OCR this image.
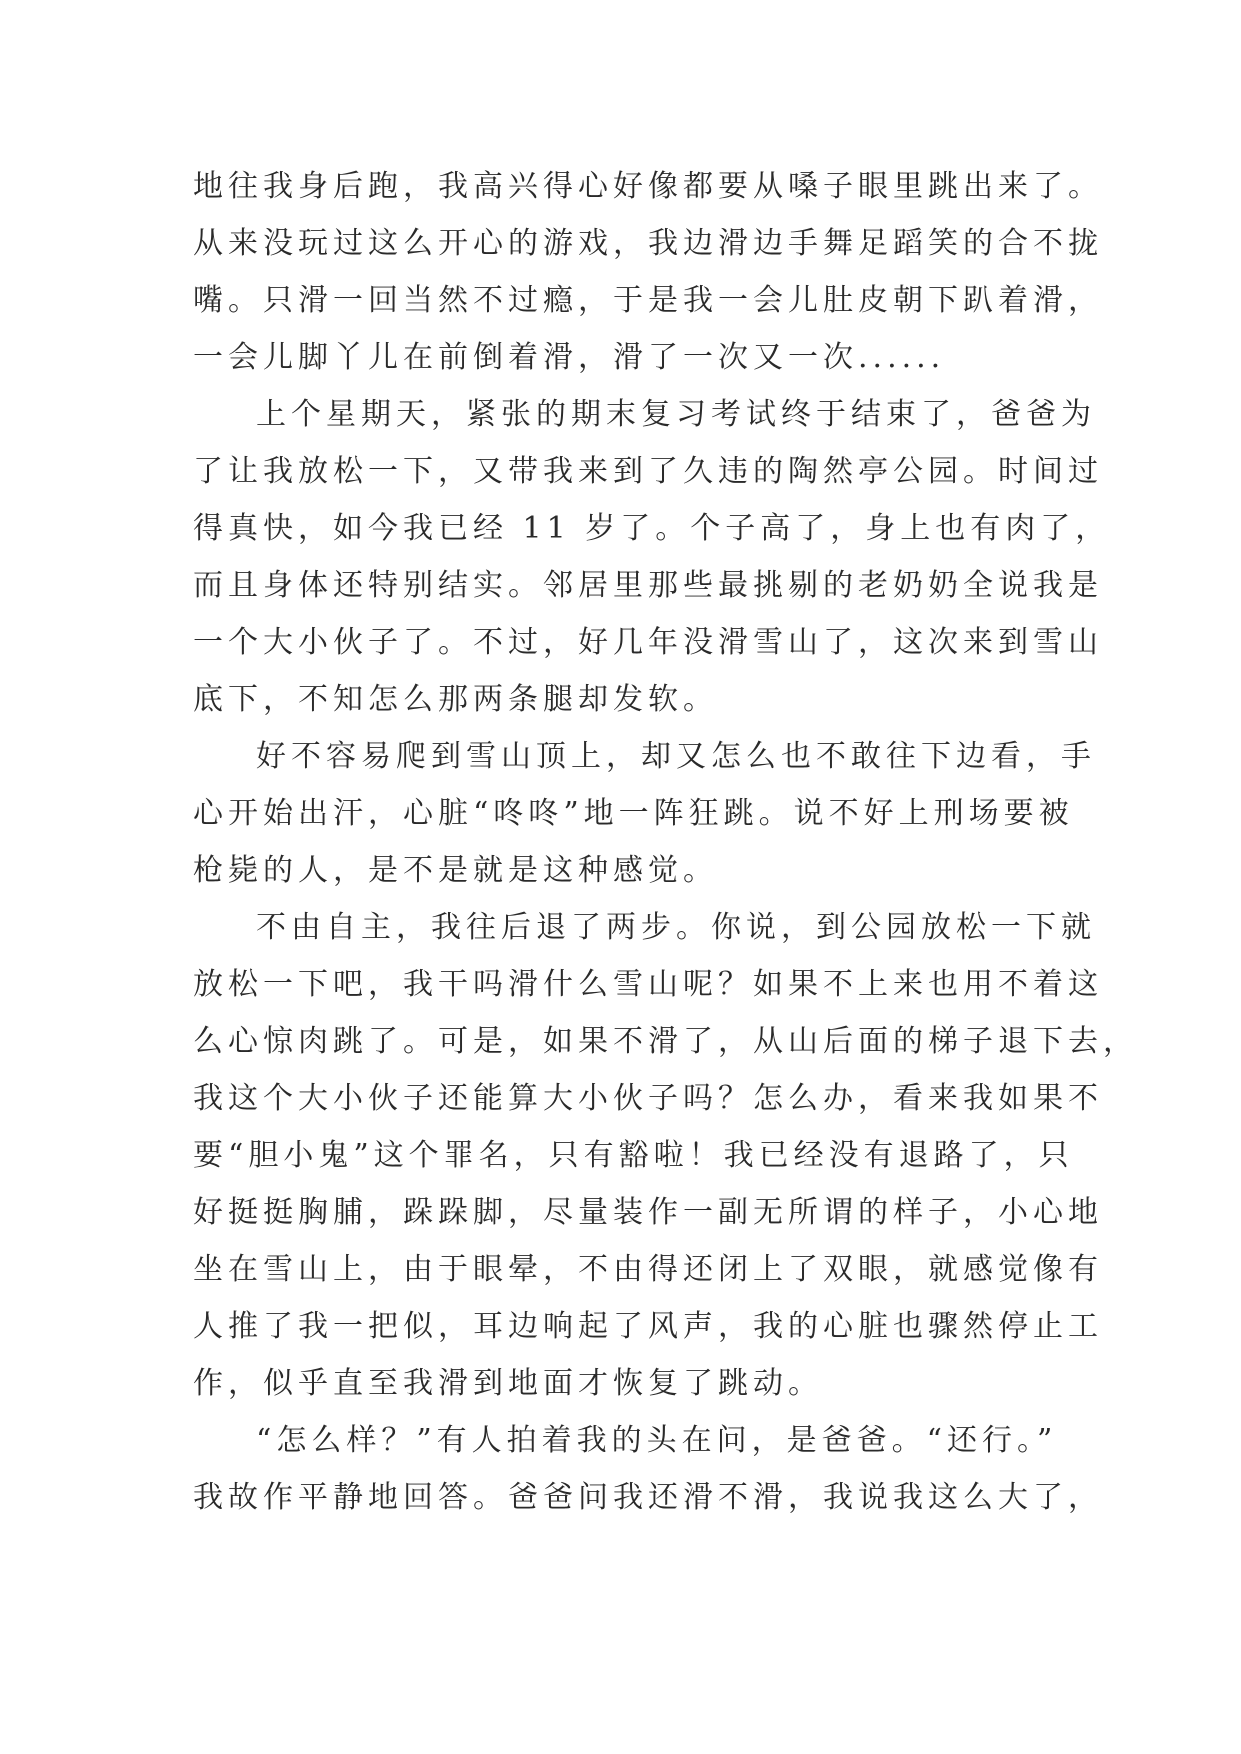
地往我身后跑，我高兴得心好像都要从嗓子眼里跳出来了。
从来没玩过这么开心的游戏，我边滑边手舞足蹈笑的合不拢
嘴。只滑一回当然不过瘾，于是我一会儿肚皮朝下趴着滑，
一会儿脚丫儿在前倒着滑，滑了一次又一次......

上个星期天，紧张的期末复习考试终于结束了，爸爸为
了让我放松一下，又带我来到了久违的陶然亭公园。时间过
得真快，如今我已经 11 岁了。个子高了，身上也有肉了，
而且身体还特别结实。邻居里那些最挑剔的老奶奶全说我是
一个大小伙子了。不过，好几年没滑雪山了，这次来到雪山
底下，不知怎么那两条腿却发软。

好不容易爬到雪山顶上，却又怎么也不敢往下边看，手
心开始出汗，心脏“咚咚”地一阵狂跳。说不好上刑场要被
枪毙的人，是不是就是这种感觉。

不由自主，我往后退了两步。你说，到公园放松一下就
放松一下吧，我干吗滑什么雪山呢？如果不上来也用不着这
么心惊肉跳了。可是，如果不滑了，从山后面的梯子退下去，
我这个大小伙子还能算大小伙子吗？怎么办，看来我如果不
要“胆小鬼”这个罪名，只有豁啦！我已经没有退路了，只
好挺挺胸脯，跺跺脚，尽量装作一副无所谓的样子，小心地
坐在雪山上，由于眼晕，不由得还闭上了双眼，就感觉像有
人推了我一把似，耳边响起了风声，我的心脏也骤然停止工
作，似乎直至我滑到地面才恢复了跳动。

“怎么样？”有人拍着我的头在问，是爸爸。“还行。”
我故作平静地回答。爸爸问我还滑不滑，我说我这么大了，
